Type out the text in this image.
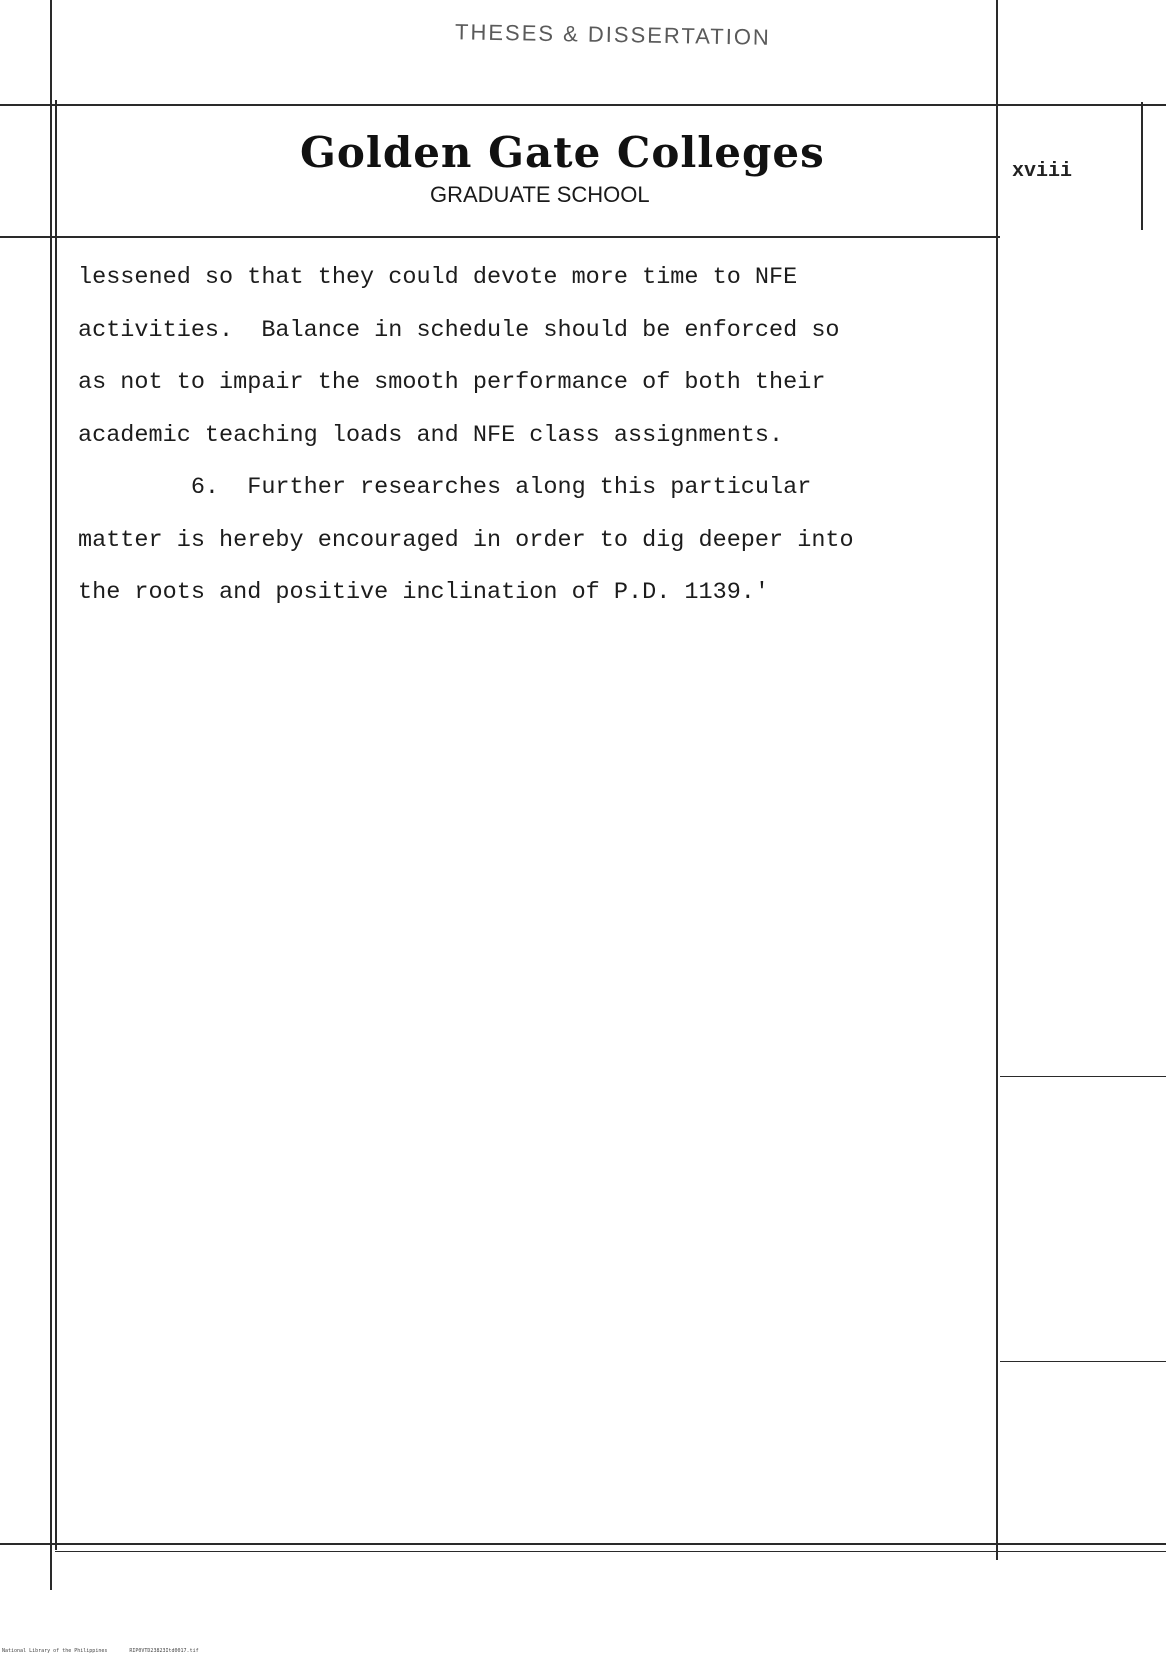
THESES & DISSERTATION
Golden Gate Colleges
GRADUATE SCHOOL
xviii
lessened so that they could devote more time to NFE
activities.  Balance in schedule should be enforced so
as not to impair the smooth performance of both their
academic teaching loads and NFE class assignments.
6.  Further researches along this particular
matter is hereby encouraged in order to dig deeper into
the roots and positive inclination of P.D. 1139.'
National Library of the Philippines	RIP0VTD23823Itd0017.tif
